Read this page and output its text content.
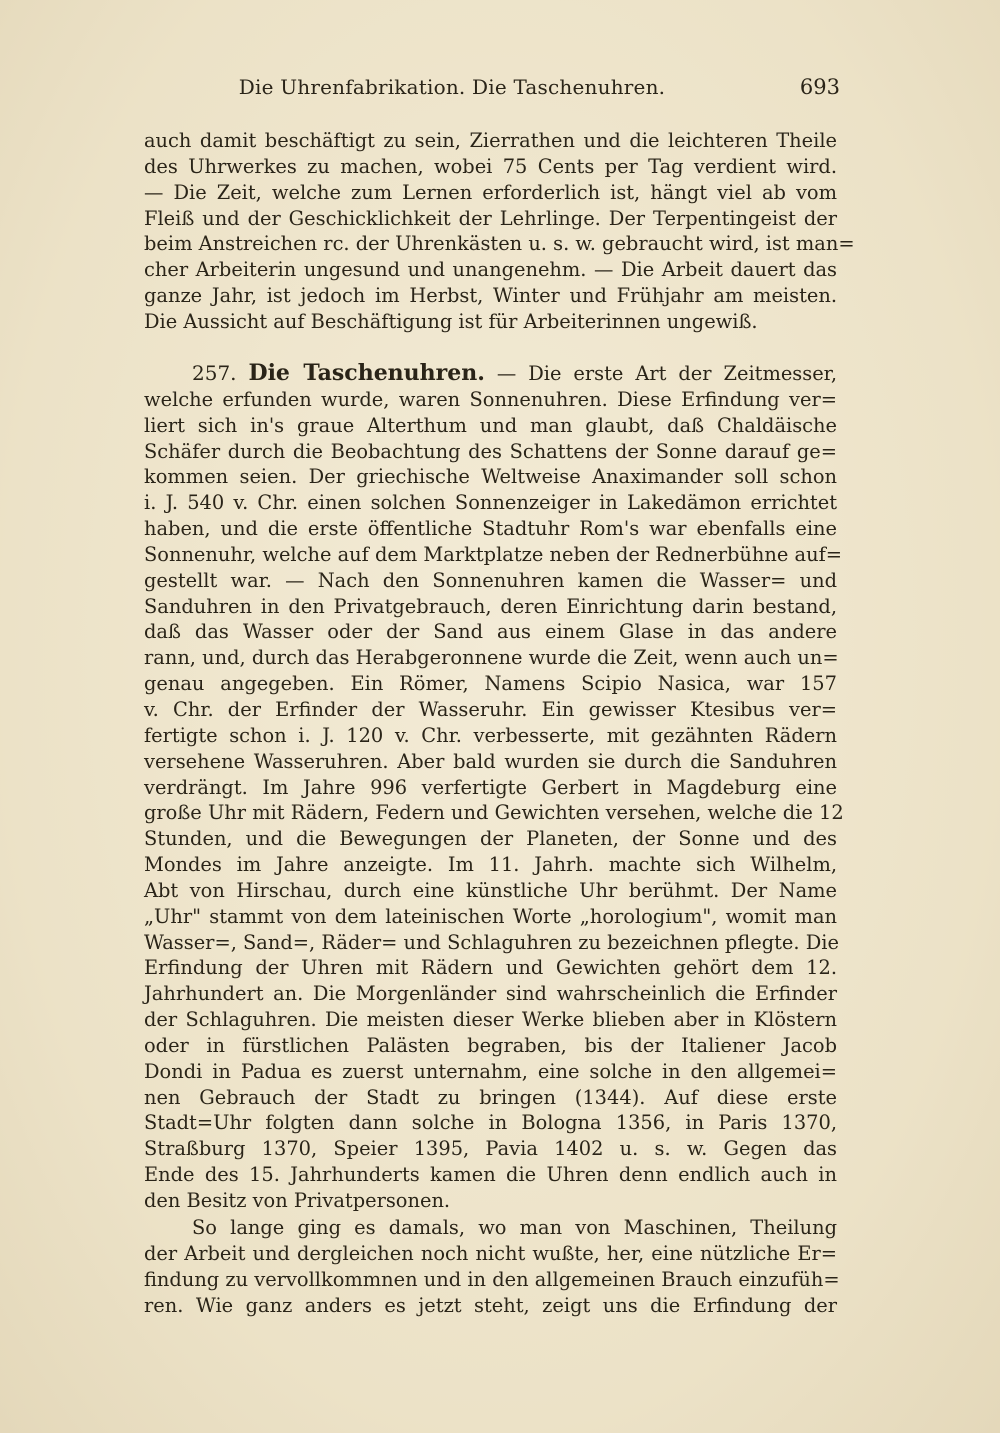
Die Uhrenfabrikation. Die Taschenuhren.	693
auch damit beschäftigt zu sein, Zierrathen und die leichteren Theile
des Uhrwerkes zu machen, wobei 75 Cents per Tag verdient wird.
— Die Zeit, welche zum Lernen erforderlich ist, hängt viel ab vom
Fleiß und der Geschicklichkeit der Lehrlinge. Der Terpentingeist der
beim Anstreichen rc. der Uhrenkästen u. s. w. gebraucht wird, ist man=
cher Arbeiterin ungesund und unangenehm. — Die Arbeit dauert das
ganze Jahr, ist jedoch im Herbst, Winter und Frühjahr am meisten.
Die Aussicht auf Beschäftigung ist für Arbeiterinnen ungewiß.
257. Die Taschenuhren. — Die erste Art der Zeitmesser,
welche erfunden wurde, waren Sonnenuhren. Diese Erfindung ver=
liert sich in's graue Alterthum und man glaubt, daß Chaldäische
Schäfer durch die Beobachtung des Schattens der Sonne darauf ge=
kommen seien. Der griechische Weltweise Anaximander soll schon
i. J. 540 v. Chr. einen solchen Sonnenzeiger in Lakedämon errichtet
haben, und die erste öffentliche Stadtuhr Rom's war ebenfalls eine
Sonnenuhr, welche auf dem Marktplatze neben der Rednerbühne auf=
gestellt war. — Nach den Sonnenuhren kamen die Wasser= und
Sanduhren in den Privatgebrauch, deren Einrichtung darin bestand,
daß das Wasser oder der Sand aus einem Glase in das andere
rann, und, durch das Herabgeronnene wurde die Zeit, wenn auch un=
genau angegeben. Ein Römer, Namens Scipio Nasica, war 157
v. Chr. der Erfinder der Wasseruhr. Ein gewisser Ktesibus ver=
fertigte schon i. J. 120 v. Chr. verbesserte, mit gezähnten Rädern
versehene Wasseruhren. Aber bald wurden sie durch die Sanduhren
verdrängt. Im Jahre 996 verfertigte Gerbert in Magdeburg eine
große Uhr mit Rädern, Federn und Gewichten versehen, welche die 12
Stunden, und die Bewegungen der Planeten, der Sonne und des
Mondes im Jahre anzeigte. Im 11. Jahrh. machte sich Wilhelm,
Abt von Hirschau, durch eine künstliche Uhr berühmt. Der Name
„Uhr" stammt von dem lateinischen Worte „horologium", womit man
Wasser=, Sand=, Räder= und Schlaguhren zu bezeichnen pflegte. Die
Erfindung der Uhren mit Rädern und Gewichten gehört dem 12.
Jahrhundert an. Die Morgenländer sind wahrscheinlich die Erfinder
der Schlaguhren. Die meisten dieser Werke blieben aber in Klöstern
oder in fürstlichen Palästen begraben, bis der Italiener Jacob
Dondi in Padua es zuerst unternahm, eine solche in den allgemei=
nen Gebrauch der Stadt zu bringen (1344). Auf diese erste
Stadt=Uhr folgten dann solche in Bologna 1356, in Paris 1370,
Straßburg 1370, Speier 1395, Pavia 1402 u. s. w. Gegen das
Ende des 15. Jahrhunderts kamen die Uhren denn endlich auch in
den Besitz von Privatpersonen.
So lange ging es damals, wo man von Maschinen, Theilung
der Arbeit und dergleichen noch nicht wußte, her, eine nützliche Er=
findung zu vervollkommnen und in den allgemeinen Brauch einzufüh=
ren. Wie ganz anders es jetzt steht, zeigt uns die Erfindung der
